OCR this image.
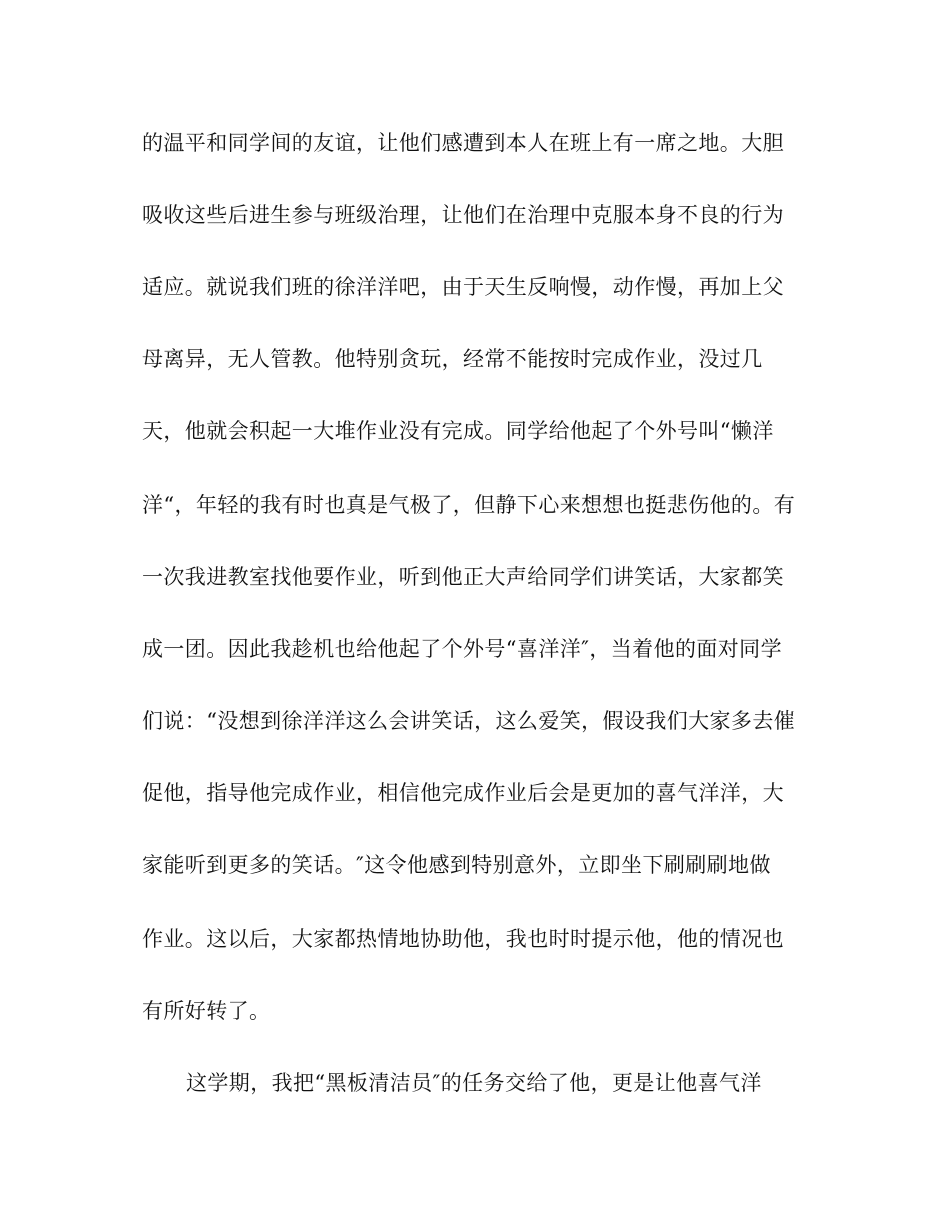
的温平和同学间的友谊，让他们感遭到本人在班上有一席之地。大胆
吸收这些后进生参与班级治理，让他们在治理中克服本身不良的行为
适应。就说我们班的徐洋洋吧，由于天生反响慢，动作慢，再加上父
母离异，无人管教。他特别贪玩，经常不能按时完成作业，没过几
天，他就会积起一大堆作业没有完成。同学给他起了个外号叫“懒洋
洋“，年轻的我有时也真是气极了，但静下心来想想也挺悲伤他的。有
一次我进教室找他要作业，听到他正大声给同学们讲笑话，大家都笑
成一团。因此我趁机也给他起了个外号“喜洋洋″，当着他的面对同学
们说：“没想到徐洋洋这么会讲笑话，这么爱笑，假设我们大家多去催
促他，指导他完成作业，相信他完成作业后会是更加的喜气洋洋，大
家能听到更多的笑话。″这令他感到特别意外，立即坐下刷刷刷地做
作业。这以后，大家都热情地协助他，我也时时提示他，他的情况也
有所好转了。
这学期，我把“黑板清洁员″的任务交给了他，更是让他喜气洋
